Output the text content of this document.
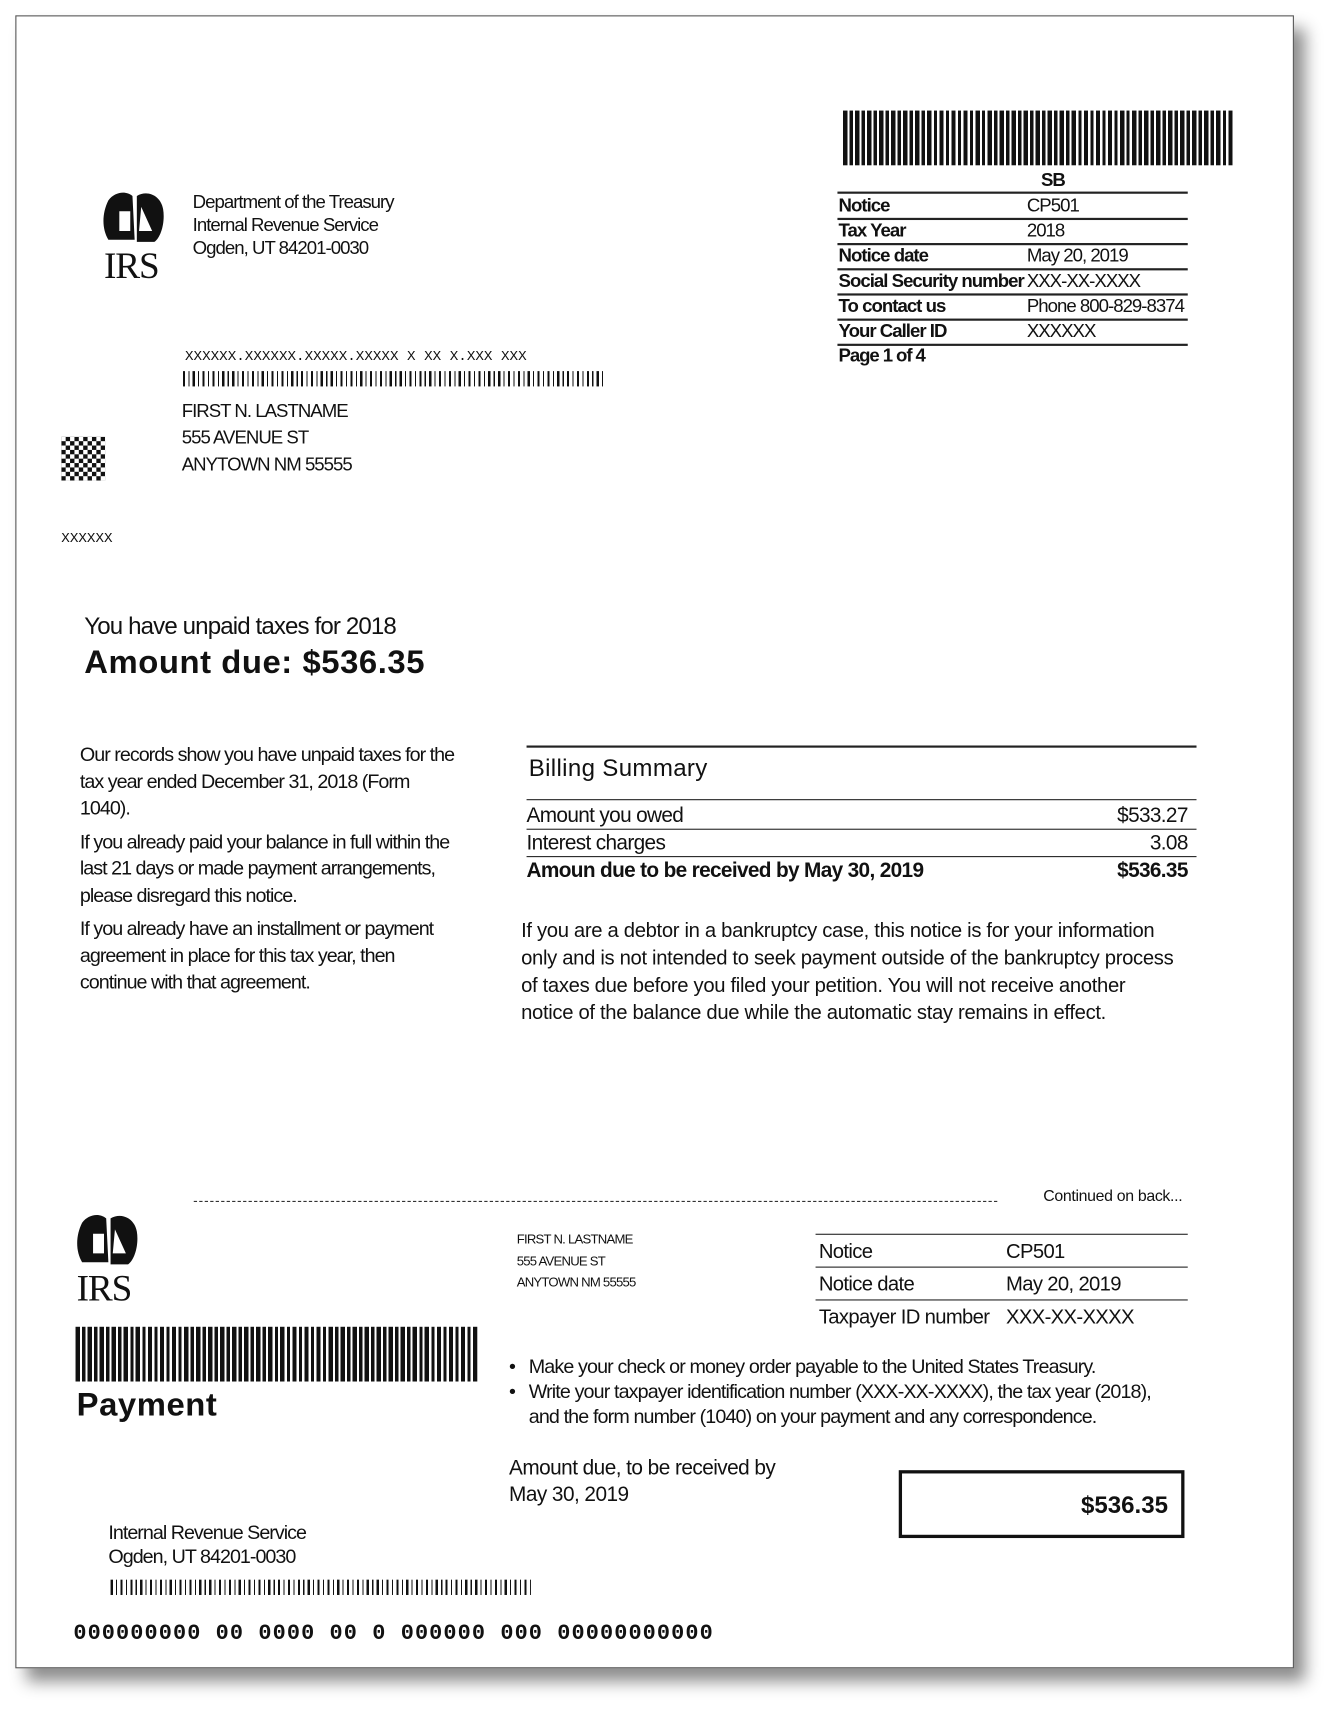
IRS
Department of the Treasury
Internal Revenue Service
Ogden, UT 84201-0030
SB
Notice	CP501
Tax Year	2018
Notice date	May 20, 2019
Social Security number XXX-XX-XXXX
To contact us	Phone 800-829-8374
Your Caller ID	XXXXXX
Page 1 of 4
XXXXXX.XXXXXX.XXXXX.XXXXX X XX X.XXX XXX
FIRST N. LASTNAME
555 AVENUE ST
ANYTOWN NM 55555
XXXXXX
You have unpaid taxes for 2018
Amount due: $536.35

Our records show you have unpaid taxes for the tax year ended December 31, 2018 (Form 1040).

If you already paid your balance in full within the last 21 days or made payment arrangements, please disregard this notice.

If you already have an installment or payment agreement in place for this tax year, then continue with that agreement.

Billing Summary
Amount you owed	$533.27
Interest charges	3.08
Amoun due to be received by May 30, 2019	$536.35
If you are a debtor in a bankruptcy case, this notice is for your information only and is not intended to seek payment outside of the bankruptcy process of taxes due before you filed your petition. You will not receive another notice of the balance due while the automatic stay remains in effect.
Continued on back...
IRS
Payment
FIRST N. LASTNAME
555 AVENUE ST
ANYTOWN NM 55555
Notice	CP501
Notice date	May 20, 2019
Taxpayer ID number XXX-XX-XXXX
• Make your check or money order payable to the United States Treasury.
• Write your taxpayer identification number (XXX-XX-XXXX), the tax year (2018), and the form number (1040) on your payment and any correspondence.
Amount due, to be received by
May 30, 2019	$536.35
Internal Revenue Service
Ogden, UT 84201-0030
000000000 00 0000 00 0 000000 000 00000000000
